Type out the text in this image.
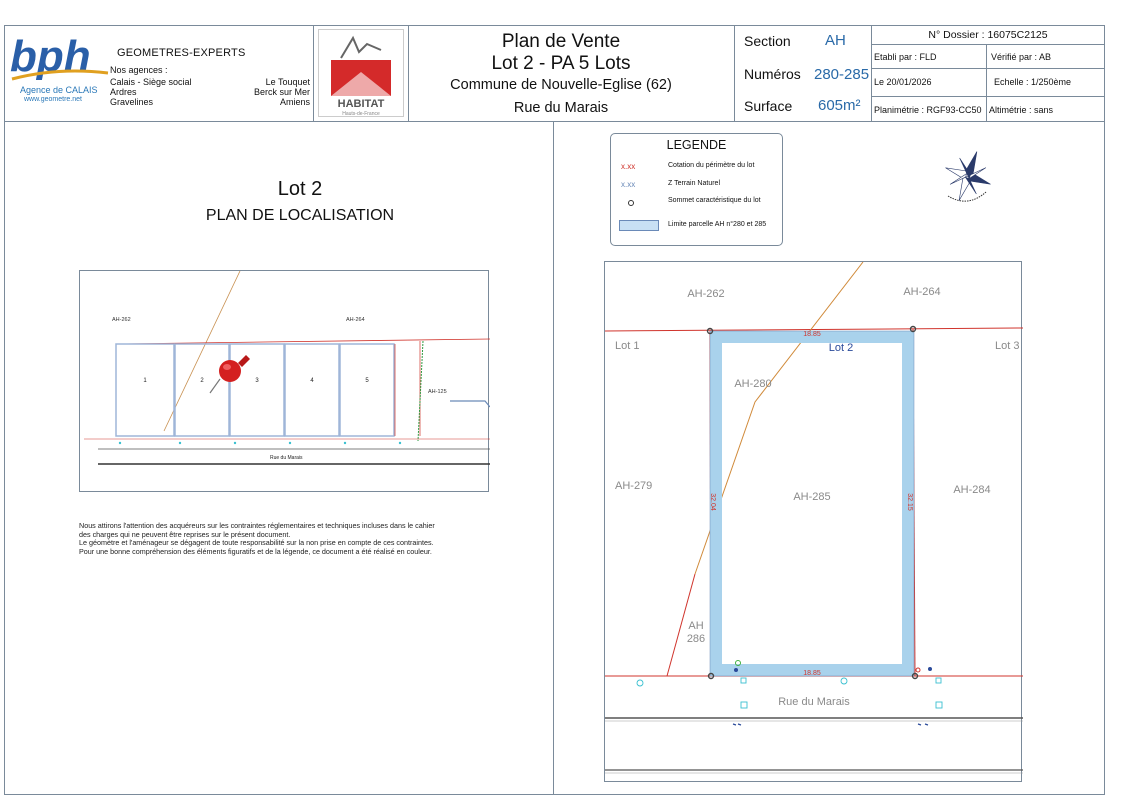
bph
Agence de CALAIS
www.geometre.net
GEOMETRES-EXPERTS
Nos agences :
Calais - Siège social
Ardres
Gravelines
Le Touquet
Berck sur Mer
Amiens	HABITAT
Hauts-de-France
Plan de Vente
Lot 2 - PA 5 Lots
Commune de Nouvelle-Eglise (62)
Rue du Marais
Section AH
Numéros 280-285
Surface 605m²
N° Dossier : 16075C2125
Etabli par : FLD	Vérifié par : AB
Le 20/01/2026	Echelle : 1/250ème
Planimétrie : RGF93-CC50 Altimétrie : sans
Lot 2
PLAN DE LOCALISATION
AH-262	AH-264
AH-125
1	2	3	4	5
Rue du Marais
Nous attirons l'attention des acquéreurs sur les contraintes réglementaires et techniques incluses dans le cahier
des charges qui ne peuvent être reprises sur le présent document.
Le géomètre et l'aménageur se dégagent de toute responsabilité sur la non prise en compte de ces contraintes.
Pour une bonne compréhension des éléments figuratifs et de la légende, ce document a été réalisé en couleur.
LEGENDE
x.xx	Cotation du périmètre du lot
x.xx	Z Terrain Naturel
Sommet caractéristique du lot
Limite parcelle AH n°280 et 285
18.85
18.85
32.04	32.15
AH-262	AH-264
Lot 1	Lot 3
AH-280
AH-279
AH-285
AH-284
AH
286
Lot 2
Rue du Marais
